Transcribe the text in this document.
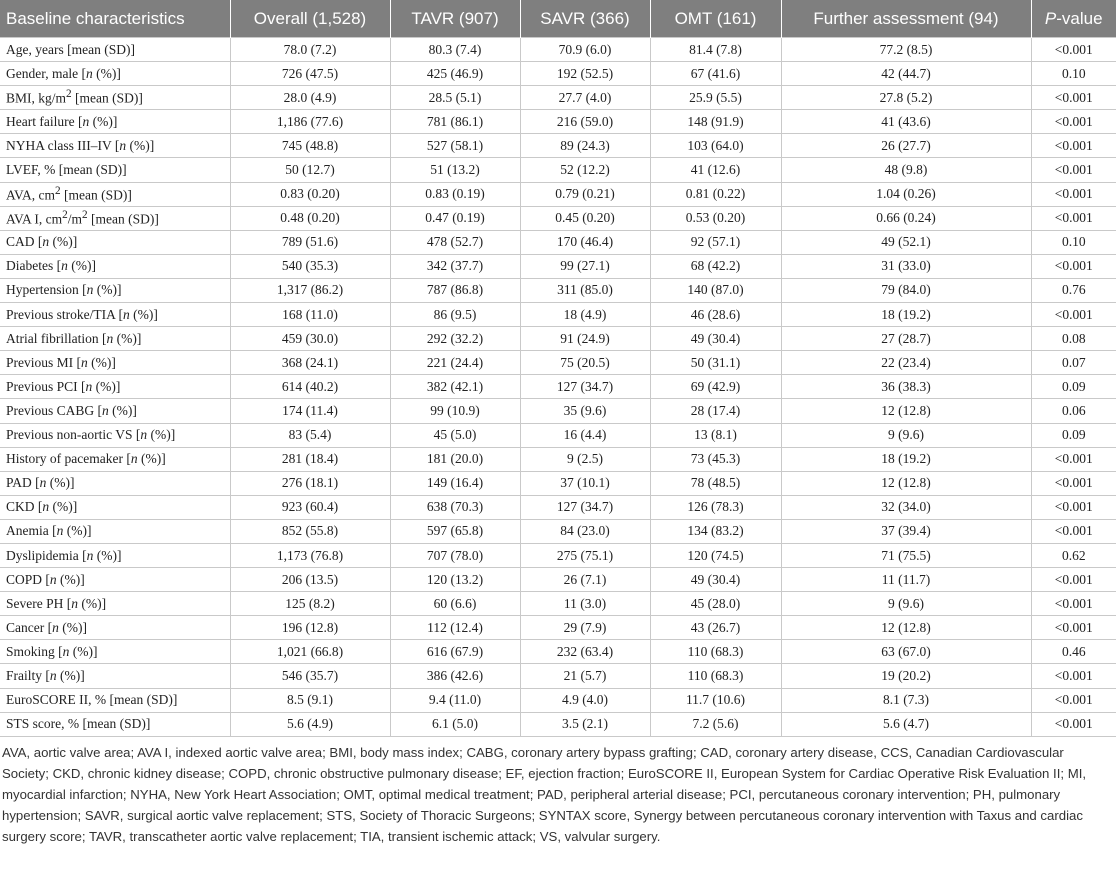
Baseline characteristics	Overall (1,528)	TAVR (907)	SAVR (366)	OMT (161)	Further assessment (94)	P-value
Age, years [mean (SD)]	78.0 (7.2)	80.3 (7.4)	70.9 (6.0)	81.4 (7.8)	77.2 (8.5)	<0.001
Gender, male [n (%)]	726 (47.5)	425 (46.9)	192 (52.5)	67 (41.6)	42 (44.7)	0.10
BMI, $kg/m^2$ [mean (SD)]	28.0 (4.9)	28.5 (5.1)	27.7 (4.0)	25.9 (5.5)	27.8 (5.2)	<0.001
Heart failure [n (%)]	1,186 (77.6)	781 (86.1)	216 (59.0)	148 (91.9)	41 (43.6)	<0.001
NYHA class III–IV [n (%)]	745 (48.8)	527 (58.1)	89 (24.3)	103 (64.0)	26 (27.7)	<0.001
LVEF, % [mean (SD)]	50 (12.7)	51 (13.2)	52 (12.2)	41 (12.6)	48 (9.8)	<0.001
AVA, $cm^2$ [mean (SD)]	0.83 (0.20)	0.83 (0.19)	0.79 (0.21)	0.81 (0.22)	1.04 (0.26)	<0.001
AVA I, $cm^2/m^2$ [mean (SD)]	0.48 (0.20)	0.47 (0.19)	0.45 (0.20)	0.53 (0.20)	0.66 (0.24)	<0.001
CAD [n (%)]	789 (51.6)	478 (52.7)	170 (46.4)	92 (57.1)	49 (52.1)	0.10
Diabetes [n (%)]	540 (35.3)	342 (37.7)	99 (27.1)	68 (42.2)	31 (33.0)	<0.001
Hypertension [n (%)]	1,317 (86.2)	787 (86.8)	311 (85.0)	140 (87.0)	79 (84.0)	0.76
Previous stroke/TIA [n (%)]	168 (11.0)	86 (9.5)	18 (4.9)	46 (28.6)	18 (19.2)	<0.001
Atrial fibrillation [n (%)]	459 (30.0)	292 (32.2)	91 (24.9)	49 (30.4)	27 (28.7)	0.08
Previous MI [n (%)]	368 (24.1)	221 (24.4)	75 (20.5)	50 (31.1)	22 (23.4)	0.07
Previous PCI [n (%)]	614 (40.2)	382 (42.1)	127 (34.7)	69 (42.9)	36 (38.3)	0.09
Previous CABG [n (%)]	174 (11.4)	99 (10.9)	35 (9.6)	28 (17.4)	12 (12.8)	0.06
Previous non-aortic VS [n (%)]	83 (5.4)	45 (5.0)	16 (4.4)	13 (8.1)	9 (9.6)	0.09
History of pacemaker [n (%)]	281 (18.4)	181 (20.0)	9 (2.5)	73 (45.3)	18 (19.2)	<0.001
PAD [n (%)]	276 (18.1)	149 (16.4)	37 (10.1)	78 (48.5)	12 (12.8)	<0.001
CKD [n (%)]	923 (60.4)	638 (70.3)	127 (34.7)	126 (78.3)	32 (34.0)	<0.001
Anemia [n (%)]	852 (55.8)	597 (65.8)	84 (23.0)	134 (83.2)	37 (39.4)	<0.001
Dyslipidemia [n (%)]	1,173 (76.8)	707 (78.0)	275 (75.1)	120 (74.5)	71 (75.5)	0.62
COPD [n (%)]	206 (13.5)	120 (13.2)	26 (7.1)	49 (30.4)	11 (11.7)	<0.001
Severe PH [n (%)]	125 (8.2)	60 (6.6)	11 (3.0)	45 (28.0)	9 (9.6)	<0.001
Cancer [n (%)]	196 (12.8)	112 (12.4)	29 (7.9)	43 (26.7)	12 (12.8)	<0.001
Smoking [n (%)]	1,021 (66.8)	616 (67.9)	232 (63.4)	110 (68.3)	63 (67.0)	0.46
Frailty [n (%)]	546 (35.7)	386 (42.6)	21 (5.7)	110 (68.3)	19 (20.2)	<0.001
EuroSCORE II, % [mean (SD)]	8.5 (9.1)	9.4 (11.0)	4.9 (4.0)	11.7 (10.6)	8.1 (7.3)	<0.001
STS score, % [mean (SD)]	5.6 (4.9)	6.1 (5.0)	3.5 (2.1)	7.2 (5.6)	5.6 (4.7)	<0.001
AVA, aortic valve area; AVA I, indexed aortic valve area; BMI, body mass index; CABG, coronary artery bypass grafting; CAD, coronary artery disease, CCS, Canadian Cardiovascular Society; CKD, chronic kidney disease; COPD, chronic obstructive pulmonary disease; EF, ejection fraction; EuroSCORE II, European System for Cardiac Operative Risk Evaluation II; MI, myocardial infarction; NYHA, New York Heart Association; OMT, optimal medical treatment; PAD, peripheral arterial disease; PCI, percutaneous coronary intervention; PH, pulmonary hypertension; SAVR, surgical aortic valve replacement; STS, Society of Thoracic Surgeons; SYNTAX score, Synergy between percutaneous coronary intervention with Taxus and cardiac surgery score; TAVR, transcatheter aortic valve replacement; TIA, transient ischemic attack; VS, valvular surgery.
